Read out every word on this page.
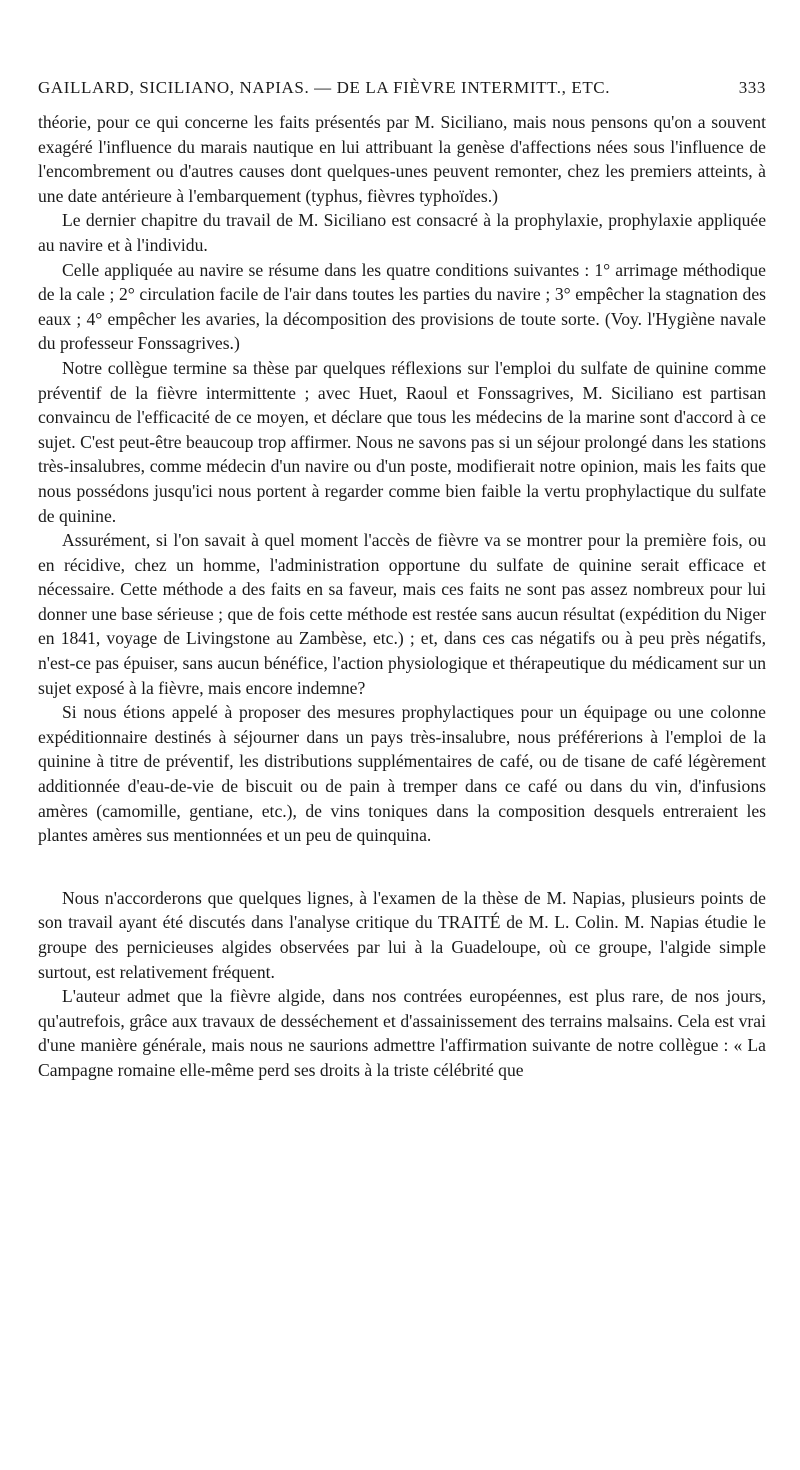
GAILLARD, SICILIANO, NAPIAS. — DE LA FIÈVRE INTERMITT., ETC.	333

théorie, pour ce qui concerne les faits présentés par M. Siciliano, mais nous pensons qu'on a souvent exagéré l'influence du marais nautique en lui attribuant la genèse d'affections nées sous l'influence de l'encombrement ou d'autres causes dont quelques-unes peuvent remonter, chez les premiers atteints, à une date antérieure à l'embarquement (typhus, fièvres typhoïdes.)

Le dernier chapitre du travail de M. Siciliano est consacré à la prophylaxie, prophylaxie appliquée au navire et à l'individu.

Celle appliquée au navire se résume dans les quatre conditions suivantes : 1° arrimage méthodique de la cale ; 2° circulation facile de l'air dans toutes les parties du navire ; 3° empêcher la stagnation des eaux ; 4° empêcher les avaries, la décomposition des provisions de toute sorte. (Voy. l'Hygiène navale du professeur Fonssagrives.)

Notre collègue termine sa thèse par quelques réflexions sur l'emploi du sulfate de quinine comme préventif de la fièvre intermittente ; avec Huet, Raoul et Fonssagrives, M. Siciliano est partisan convaincu de l'efficacité de ce moyen, et déclare que tous les médecins de la marine sont d'accord à ce sujet. C'est peut-être beaucoup trop affirmer. Nous ne savons pas si un séjour prolongé dans les stations très-insalubres, comme médecin d'un navire ou d'un poste, modifierait notre opinion, mais les faits que nous possédons jusqu'ici nous portent à regarder comme bien faible la vertu prophylactique du sulfate de quinine.

Assurément, si l'on savait à quel moment l'accès de fièvre va se montrer pour la première fois, ou en récidive, chez un homme, l'administration opportune du sulfate de quinine serait efficace et nécessaire. Cette méthode a des faits en sa faveur, mais ces faits ne sont pas assez nombreux pour lui donner une base sérieuse ; que de fois cette méthode est restée sans aucun résultat (expédition du Niger en 1841, voyage de Livingstone au Zambèse, etc.) ; et, dans ces cas négatifs ou à peu près négatifs, n'est-ce pas épuiser, sans aucun bénéfice, l'action physiologique et thérapeutique du médicament sur un sujet exposé à la fièvre, mais encore indemne?

Si nous étions appelé à proposer des mesures prophylactiques pour un équipage ou une colonne expéditionnaire destinés à séjourner dans un pays très-insalubre, nous préférerions à l'emploi de la quinine à titre de préventif, les distributions supplémentaires de café, ou de tisane de café légèrement additionnée d'eau-de-vie de biscuit ou de pain à tremper dans ce café ou dans du vin, d'infusions amères (camomille, gentiane, etc.), de vins toniques dans la composition desquels entreraient les plantes amères sus mentionnées et un peu de quinquina.

Nous n'accorderons que quelques lignes, à l'examen de la thèse de M. Napias, plusieurs points de son travail ayant été discutés dans l'analyse critique du TRAITÉ de M. L. Colin. M. Napias étudie le groupe des pernicieuses algides observées par lui à la Guadeloupe, où ce groupe, l'algide simple surtout, est relativement fréquent.

L'auteur admet que la fièvre algide, dans nos contrées européennes, est plus rare, de nos jours, qu'autrefois, grâce aux travaux de desséchement et d'assainissement des terrains malsains. Cela est vrai d'une manière générale, mais nous ne saurions admettre l'affirmation suivante de notre collègue : « La Campagne romaine elle-même perd ses droits à la triste célébrité que
